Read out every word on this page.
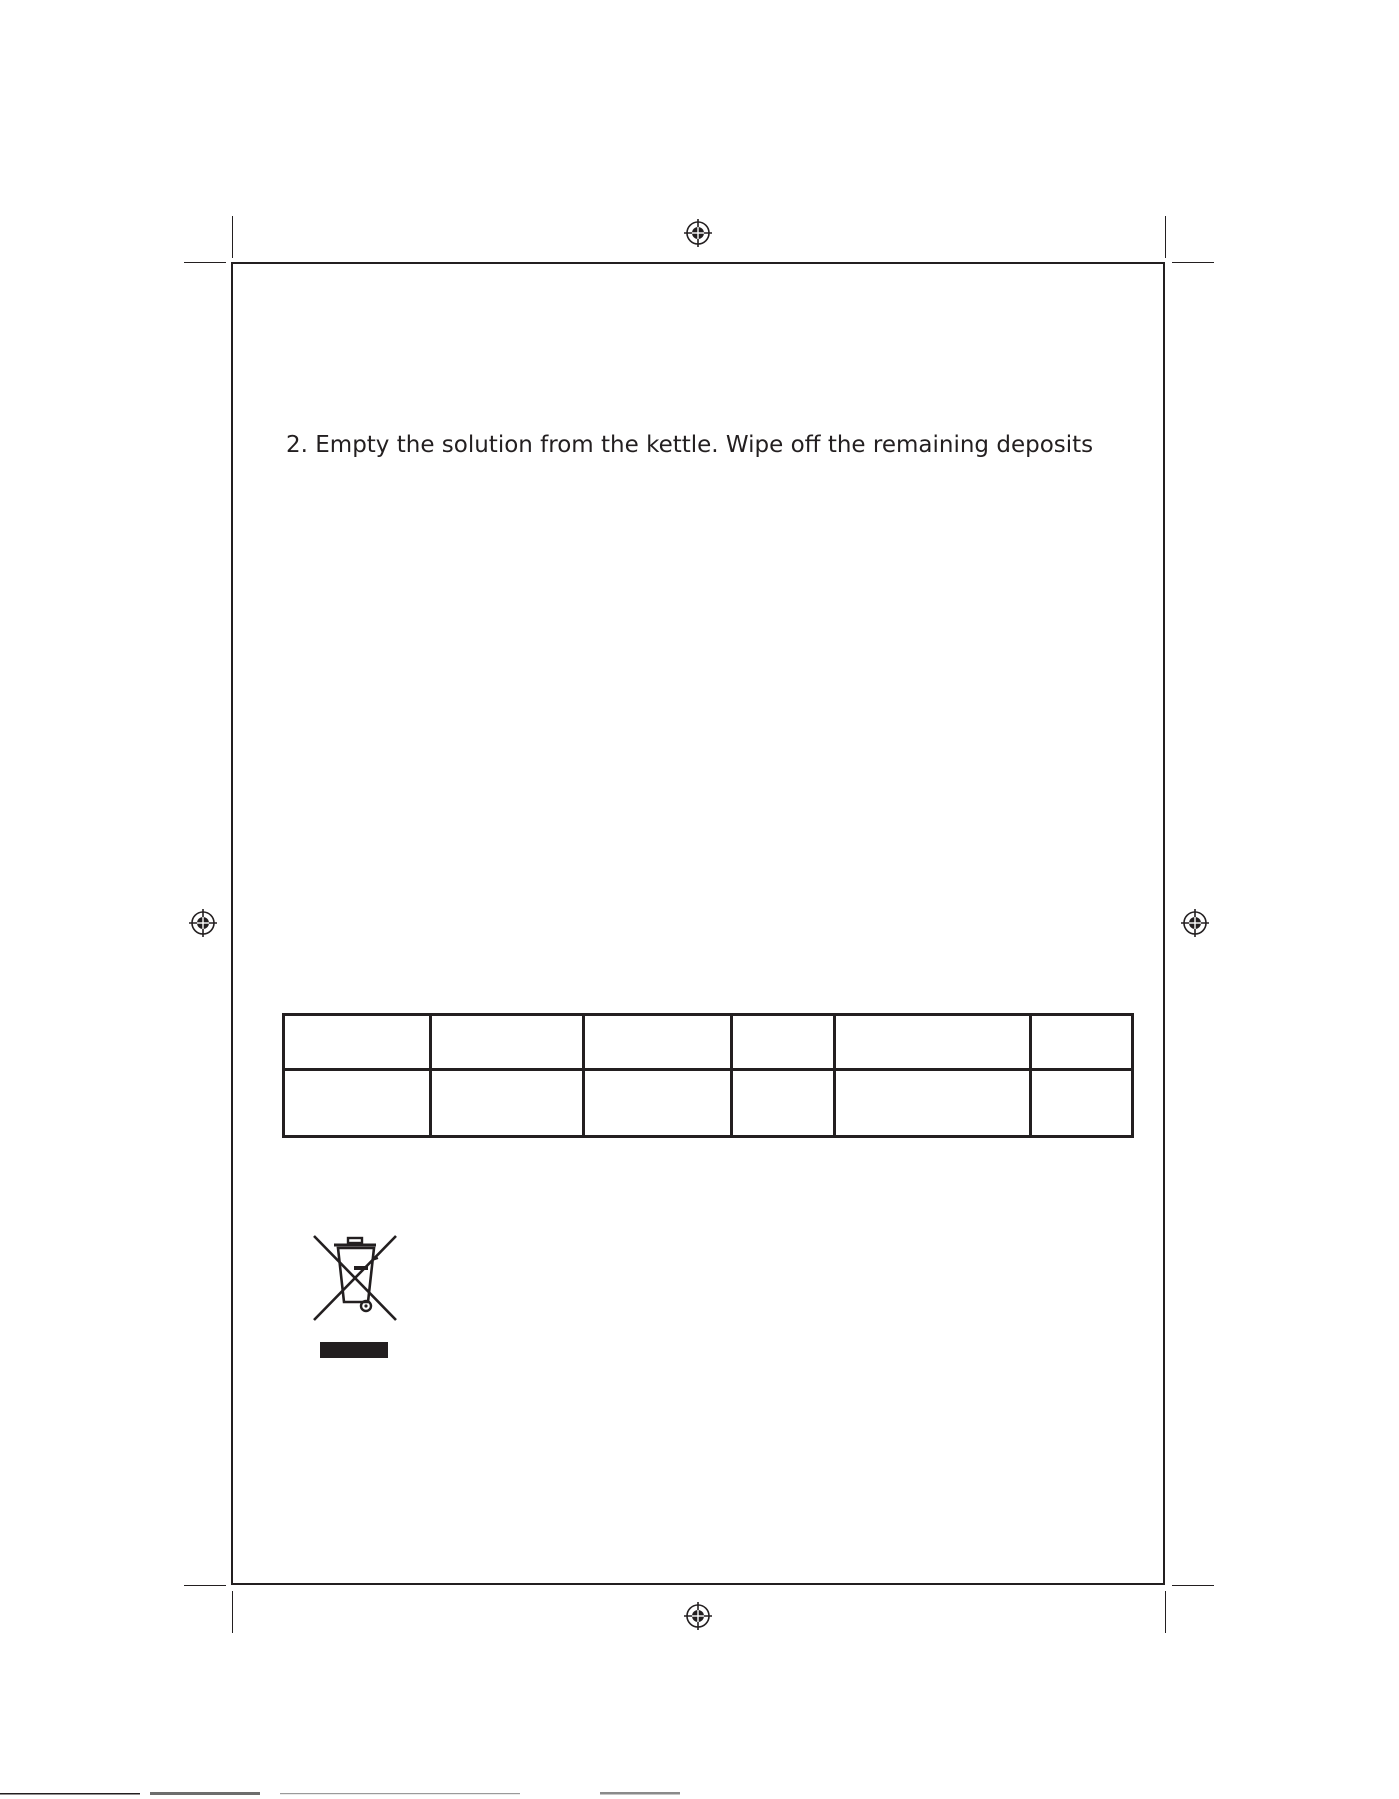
2. Empty the solution from the kettle. Wipe off the remaining deposits
